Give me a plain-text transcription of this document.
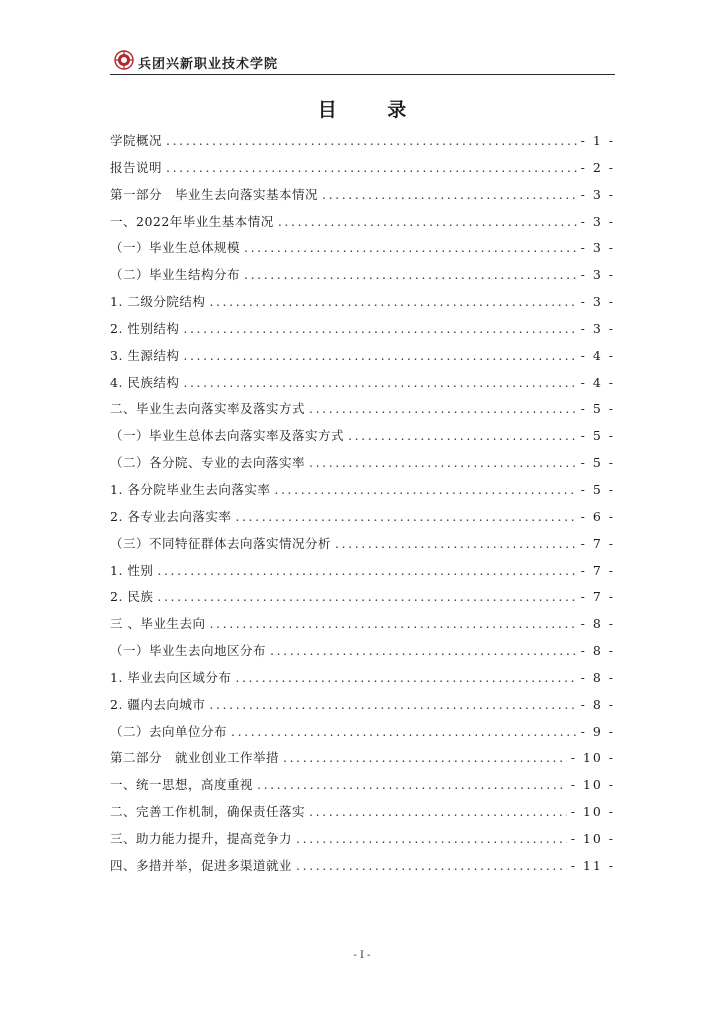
兵团兴新职业技术学院
目 录
学院概况 .....	- 1 -
报告说明 .....	- 2 -
第一部分　毕业生去向落实基本情况 .....	- 3 -
一、2022年毕业生基本情况 .....	- 3 -
（一）毕业生总体规模 .....	- 3 -
（二）毕业生结构分布 .....	- 3 -
1. 二级分院结构 .....	- 3 -
2. 性别结构 .....	- 3 -
3. 生源结构 .....	- 4 -
4. 民族结构 .....	- 4 -
二、毕业生去向落实率及落实方式 .....	- 5 -
（一）毕业生总体去向落实率及落实方式 .....	- 5 -
（二）各分院、专业的去向落实率 .....	- 5 -
1. 各分院毕业生去向落实率 .....	- 5 -
2. 各专业去向落实率 .....	- 6 -
（三）不同特征群体去向落实情况分析 .....	- 7 -
1. 性别 .....	- 7 -
2. 民族 .....	- 7 -
三 、毕业生去向 .....	- 8 -
（一）毕业生去向地区分布 .....	- 8 -
1. 毕业去向区域分布 .....	- 8 -
2. 疆内去向城市 .....	- 8 -
（二）去向单位分布 .....	- 9 -
第二部分　就业创业工作举措 .....	- 10 -
一、统一思想，高度重视 .....	- 10 -
二、完善工作机制，确保责任落实 .....	- 10 -
三、助力能力提升，提高竞争力 .....	- 10 -
四、多措并举，促进多渠道就业 .....	- 11 -
- I -
